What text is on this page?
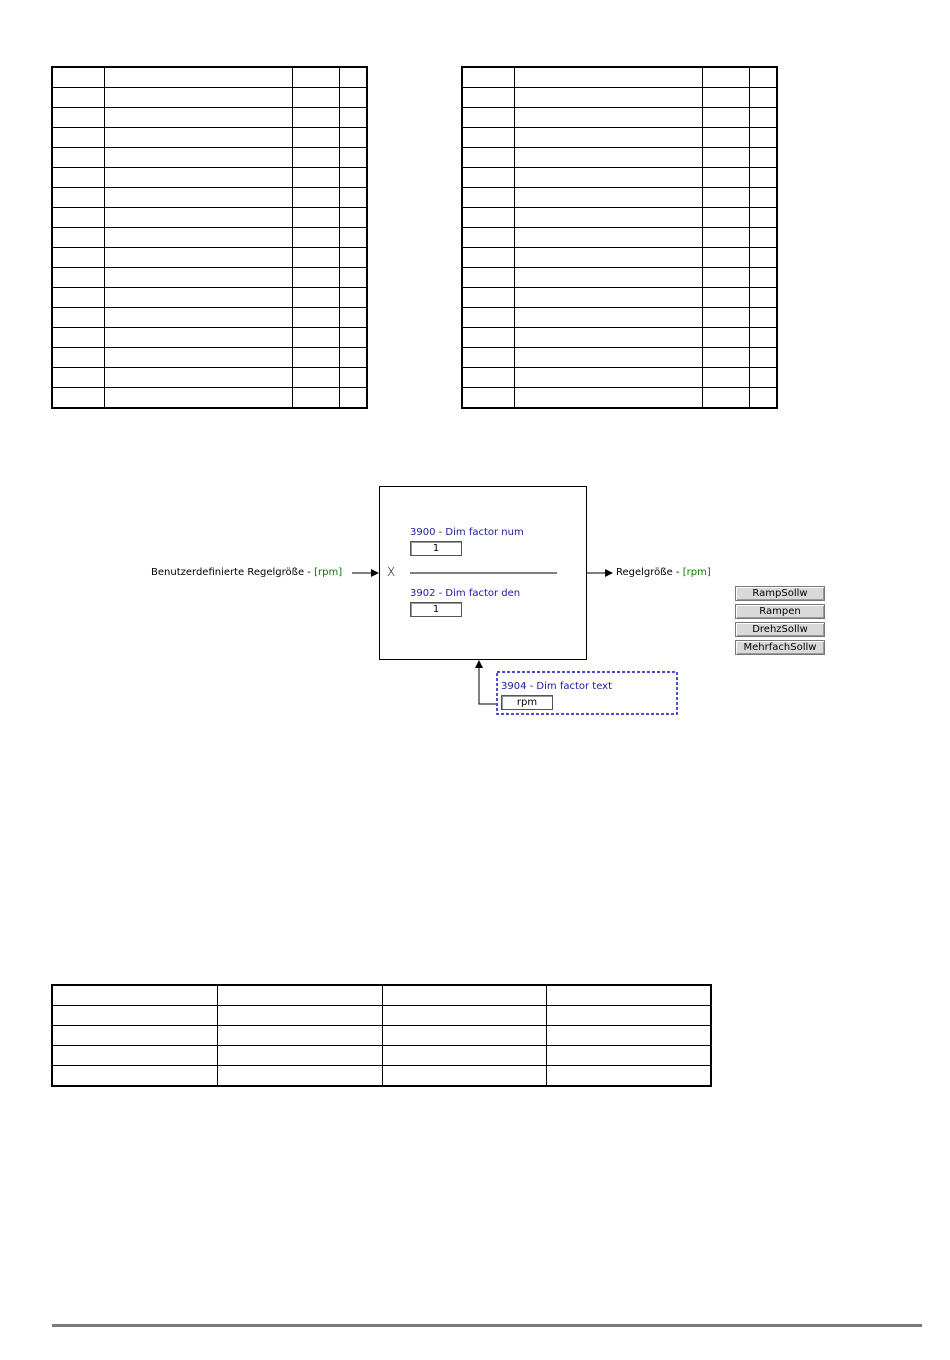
Benutzerdefinierte Regelgröße - [rpm]	X	Regelgröße - [rpm]
3900 - Dim factor num
1
3902 - Dim factor den
1
3904 - Dim factor text
rpm
RampSollw
Rampen
DrehzSollw
MehrfachSollw
